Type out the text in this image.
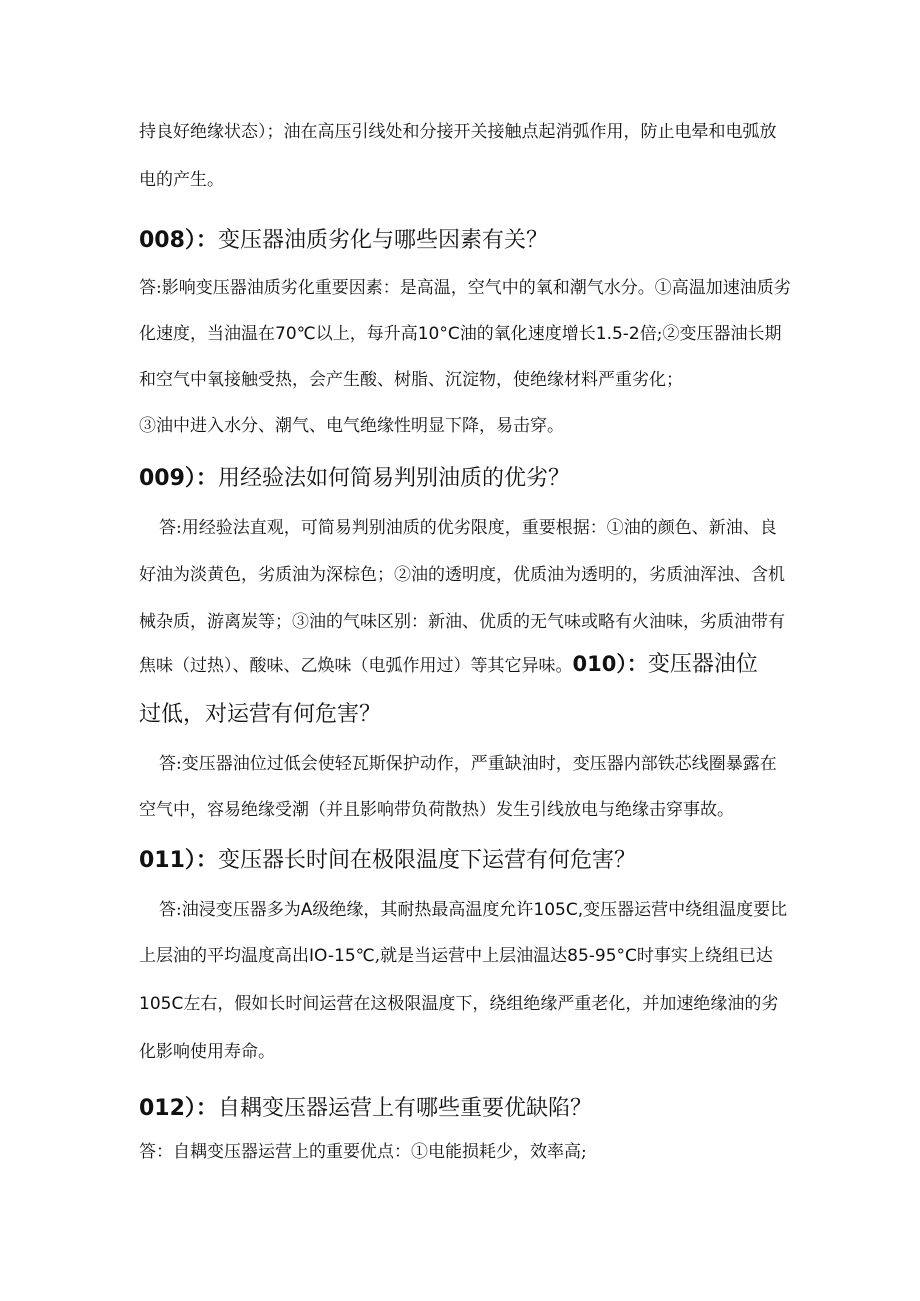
持良好绝缘状态）；油在高压引线处和分接开关接触点起消弧作用，防止电晕和电弧放
电的产生。
008）：变压器油质劣化与哪些因素有关？
答:影响变压器油质劣化重要因素：是高温，空气中的氧和潮气水分。①高温加速油质劣
化速度，当油温在70℃以上，每升高10°C油的氧化速度增长1.5-2倍;②变压器油长期
和空气中氧接触受热，会产生酸、树脂、沉淀物，使绝缘材料严重劣化；
③油中进入水分、潮气、电气绝缘性明显下降，易击穿。
009）：用经验法如何简易判别油质的优劣？
答:用经验法直观，可简易判别油质的优劣限度，重要根据：①油的颜色、新油、良
好油为淡黄色，劣质油为深棕色；②油的透明度，优质油为透明的，劣质油浑浊、含机
械杂质，游离炭等；③油的气味区别：新油、优质的无气味或略有火油味，劣质油带有
焦味（过热）、酸味、乙焕味（电弧作用过）等其它异味。010）：变压器油位
过低，对运营有何危害？
答:变压器油位过低会使轻瓦斯保护动作，严重缺油时，变压器内部铁芯线圈暴露在
空气中，容易绝缘受潮（并且影响带负荷散热）发生引线放电与绝缘击穿事故。
011）：变压器长时间在极限温度下运营有何危害？
答:油浸变压器多为A级绝缘，其耐热最高温度允许105C,变压器运营中绕组温度要比
上层油的平均温度高出IO-15℃,就是当运营中上层油温达85-95°C时事实上绕组已达
105C左右，假如长时间运营在这极限温度下，绕组绝缘严重老化，并加速绝缘油的劣
化影响使用寿命。
012）：自耦变压器运营上有哪些重要优缺陷？
答：自耦变压器运营上的重要优点：①电能损耗少，效率高;
